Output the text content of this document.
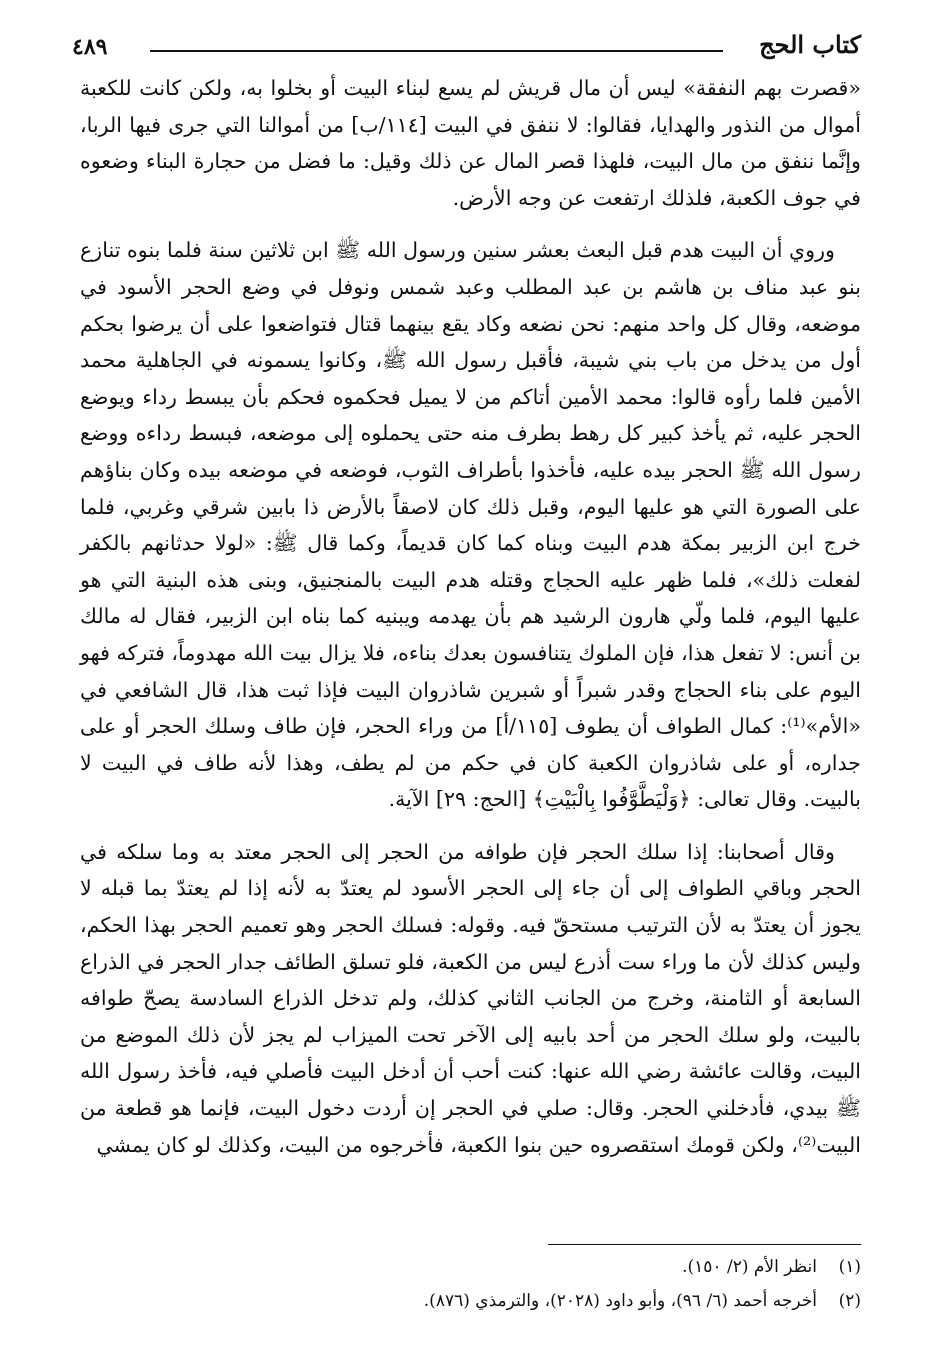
كتاب الحج
٤٨٩

«قصرت بهم النفقة» ليس أن مال قريش لم يسع لبناء البيت أو بخلوا به، ولكن كانت للكعبة أموال من النذور والهدايا، فقالوا: لا ننفق في البيت [١١٤/ب] من أموالنا التي جرى فيها الربا، وإنَّما ننفق من مال البيت، فلهذا قصر المال عن ذلك وقيل: ما فضل من حجارة البناء وضعوه في جوف الكعبة، فلذلك ارتفعت عن وجه الأرض.

وروي أن البيت هدم قبل البعث بعشر سنين ورسول الله ﷺ ابن ثلاثين سنة فلما بنوه تنازع بنو عبد مناف بن هاشم بن عبد المطلب وعبد شمس ونوفل في وضع الحجر الأسود في موضعه، وقال كل واحد منهم: نحن نضعه وكاد يقع بينهما قتال فتواضعوا على أن يرضوا بحكم أول من يدخل من باب بني شيبة، فأقبل رسول الله ﷺ، وكانوا يسمونه في الجاهلية محمد الأمين فلما رأوه قالوا: محمد الأمين أتاكم من لا يميل فحكموه فحكم بأن يبسط رداء ويوضع الحجر عليه، ثم يأخذ كبير كل رهط بطرف منه حتى يحملوه إلى موضعه، فبسط رداءه ووضع رسول الله ﷺ الحجر بيده عليه، فأخذوا بأطراف الثوب، فوضعه في موضعه بيده وكان بناؤهم على الصورة التي هو عليها اليوم، وقبل ذلك كان لاصقاً بالأرض ذا بابين شرقي وغربي، فلما خرج ابن الزبير بمكة هدم البيت وبناه كما كان قديماً، وكما قال ﷺ: «لولا حدثانهم بالكفر لفعلت ذلك»، فلما ظهر عليه الحجاج وقتله هدم البيت بالمنجنيق، وبنى هذه البنية التي هو عليها اليوم، فلما ولّي هارون الرشيد هم بأن يهدمه ويبنيه كما بناه ابن الزبير، فقال له مالك بن أنس: لا تفعل هذا، فإن الملوك يتنافسون بعدك بناءه، فلا يزال بيت الله مهدوماً، فتركه فهو اليوم على بناء الحجاج وقدر شبراً أو شبرين شاذروان البيت فإذا ثبت هذا، قال الشافعي في «الأم»⁽¹⁾: كمال الطواف أن يطوف [١١٥/أ] من وراء الحجر، فإن طاف وسلك الحجر أو على جداره، أو على شاذروان الكعبة كان في حكم من لم يطف، وهذا لأنه طاف في البيت لا بالبيت. وقال تعالى: ﴿وَلْيَطَّوَّفُوا بِالْبَيْتِ﴾ [الحج: ٢٩] الآية.

وقال أصحابنا: إذا سلك الحجر فإن طوافه من الحجر إلى الحجر معتد به وما سلكه في الحجر وباقي الطواف إلى أن جاء إلى الحجر الأسود لم يعتدّ به لأنه إذا لم يعتدّ بما قبله لا يجوز أن يعتدّ به لأن الترتيب مستحقّ فيه. وقوله: فسلك الحجر وهو تعميم الحجر بهذا الحكم، وليس كذلك لأن ما وراء ست أذرع ليس من الكعبة، فلو تسلق الطائف جدار الحجر في الذراع السابعة أو الثامنة، وخرج من الجانب الثاني كذلك، ولم تدخل الذراع السادسة يصحّ طوافه بالبيت، ولو سلك الحجر من أحد بابيه إلى الآخر تحت الميزاب لم يجز لأن ذلك الموضع من البيت، وقالت عائشة رضي الله عنها: كنت أحب أن أدخل البيت فأصلي فيه، فأخذ رسول الله ﷺ بيدي، فأدخلني الحجر. وقال: صلي في الحجر إن أردت دخول البيت، فإنما هو قطعة من البيت⁽²⁾، ولكن قومك استقصروه حين بنوا الكعبة، فأخرجوه من البيت، وكذلك لو كان يمشي

(١)
انظر الأم (٢/ ١٥٠).
(٢)
أخرجه أحمد (٦/ ٩٦)، وأبو داود (٢٠٢٨)، والترمذي (٨٧٦).
